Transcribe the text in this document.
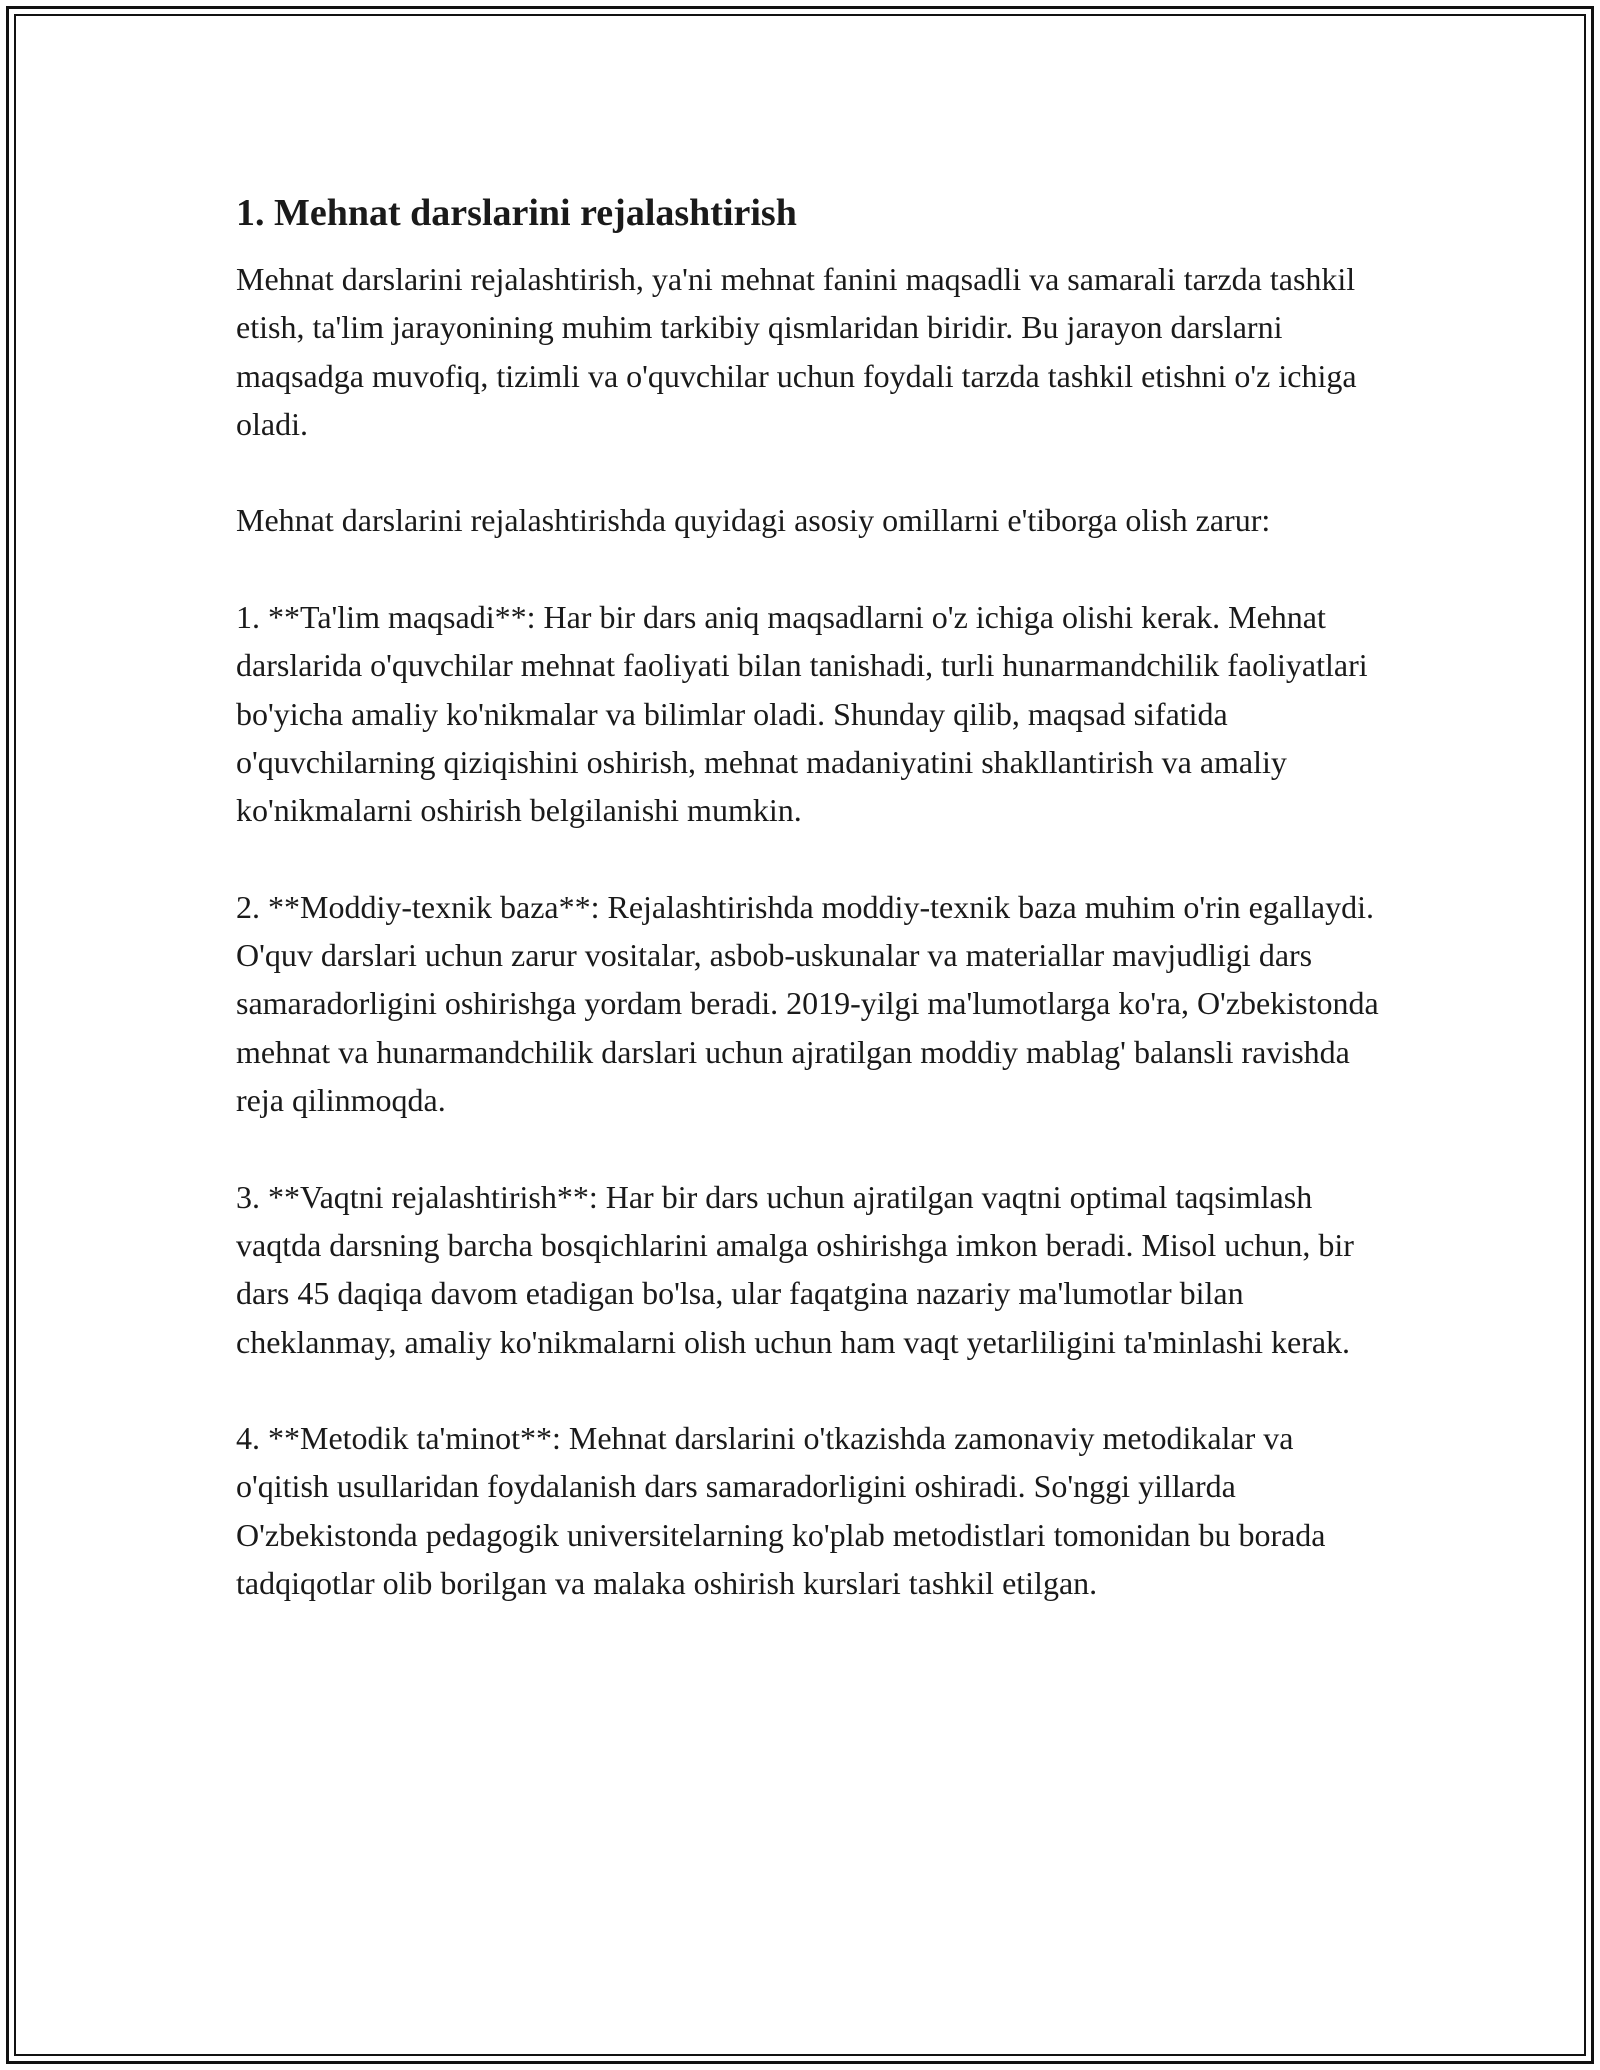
1. Mehnat darslarini rejalashtirish

Mehnat darslarini rejalashtirish, ya'ni mehnat fanini maqsadli va samarali tarzda tashkil etish, ta'lim jarayonining muhim tarkibiy qismlaridan biridir. Bu jarayon darslarni maqsadga muvofiq, tizimli va o'quvchilar uchun foydali tarzda tashkil etishni o'z ichiga oladi.

Mehnat darslarini rejalashtirishda quyidagi asosiy omillarni e'tiborga olish zarur:

1. **Ta'lim maqsadi**: Har bir dars aniq maqsadlarni o'z ichiga olishi kerak. Mehnat darslarida o'quvchilar mehnat faoliyati bilan tanishadi, turli hunarmandchilik faoliyatlari bo'yicha amaliy ko'nikmalar va bilimlar oladi. Shunday qilib, maqsad sifatida o'quvchilarning qiziqishini oshirish, mehnat madaniyatini shakllantirish va amaliy ko'nikmalarni oshirish belgilanishi mumkin.

2. **Moddiy-texnik baza**: Rejalashtirishda moddiy-texnik baza muhim o'rin egallaydi. O'quv darslari uchun zarur vositalar, asbob-uskunalar va materiallar mavjudligi dars samaradorligini oshirishga yordam beradi. 2019-yilgi ma'lumotlarga ko'ra, O'zbekistonda mehnat va hunarmandchilik darslari uchun ajratilgan moddiy mablag' balansli ravishda reja qilinmoqda.

3. **Vaqtni rejalashtirish**: Har bir dars uchun ajratilgan vaqtni optimal taqsimlash vaqtda darsning barcha bosqichlarini amalga oshirishga imkon beradi. Misol uchun, bir dars 45 daqiqa davom etadigan bo'lsa, ular faqatgina nazariy ma'lumotlar bilan cheklanmay, amaliy ko'nikmalarni olish uchun ham vaqt yetarliligini ta'minlashi kerak.

4. **Metodik ta'minot**: Mehnat darslarini o'tkazishda zamonaviy metodikalar va o'qitish usullaridan foydalanish dars samaradorligini oshiradi. So'nggi yillarda O'zbekistonda pedagogik universitelarning ko'plab metodistlari tomonidan bu borada tadqiqotlar olib borilgan va malaka oshirish kurslari tashkil etilgan.
